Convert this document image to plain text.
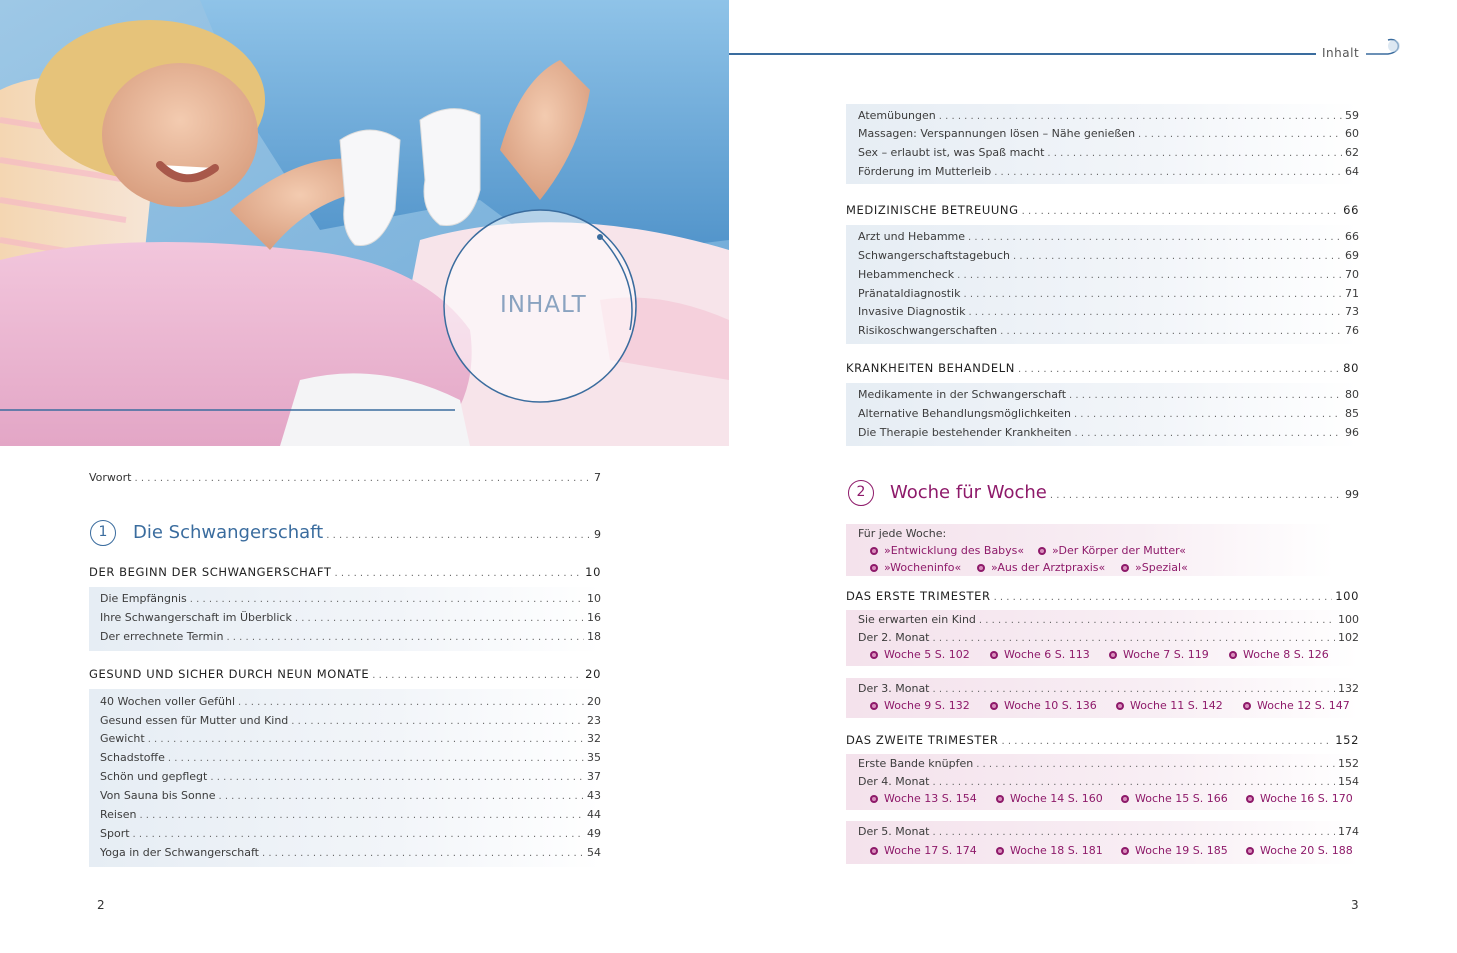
INHALT
Vorwort . . .	7
1	Die Schwangerschaft . . .	9
DER BEGINN DER SCHWANGERSCHAFT . . .	10
Die Empfängnis . . .	10
Ihre Schwangerschaft im Überblick . . .	16
Der errechnete Termin . . .	18
GESUND UND SICHER DURCH NEUN MONATE . . .	20
40 Wochen voller Gefühl . . .	20
Gesund essen für Mutter und Kind . . .	23
Gewicht . . .	32
Schadstoffe . . .	35
Schön und gepflegt . . .	37
Von Sauna bis Sonne . . .	43
Reisen . . .	44
Sport . . .	49
Yoga in der Schwangerschaft . . .	54
2
Inhalt
Atemübungen . . .	59
Massagen: Verspannungen lösen – Nähe genießen . . .	60
Sex – erlaubt ist, was Spaß macht . . .	62
Förderung im Mutterleib . . .	64
MEDIZINISCHE BETREUUNG . . .	66
Arzt und Hebamme . . .	66
Schwangerschaftstagebuch . . .	69
Hebammencheck . . .	70
Pränataldiagnostik . . .	71
Invasive Diagnostik . . .	73
Risikoschwangerschaften . . .	76
KRANKHEITEN BEHANDELN . . .	80
Medikamente in der Schwangerschaft . . .	80
Alternative Behandlungsmöglichkeiten . . .	85
Die Therapie bestehender Krankheiten . . .	96
2	Woche für Woche . . .	99
Für jede Woche:
»Entwicklung des Babys«	»Der Körper der Mutter«
»Wocheninfo«	»Aus der Arztpraxis«	»Spezial«
DAS ERSTE TRIMESTER . . .	100
Sie erwarten ein Kind . . .	100
Der 2. Monat . . .	102
Woche 5 S. 102	Woche 6 S. 113	Woche 7 S. 119	Woche 8 S. 126
Der 3. Monat . . .	132
Woche 9 S. 132	Woche 10 S. 136	Woche 11 S. 142	Woche 12 S. 147
DAS ZWEITE TRIMESTER . . .	152
Erste Bande knüpfen . . .	152
Der 4. Monat . . .	154
Woche 13 S. 154	Woche 14 S. 160	Woche 15 S. 166	Woche 16 S. 170
Der 5. Monat . . .	174
Woche 17 S. 174	Woche 18 S. 181	Woche 19 S. 185	Woche 20 S. 188
3
